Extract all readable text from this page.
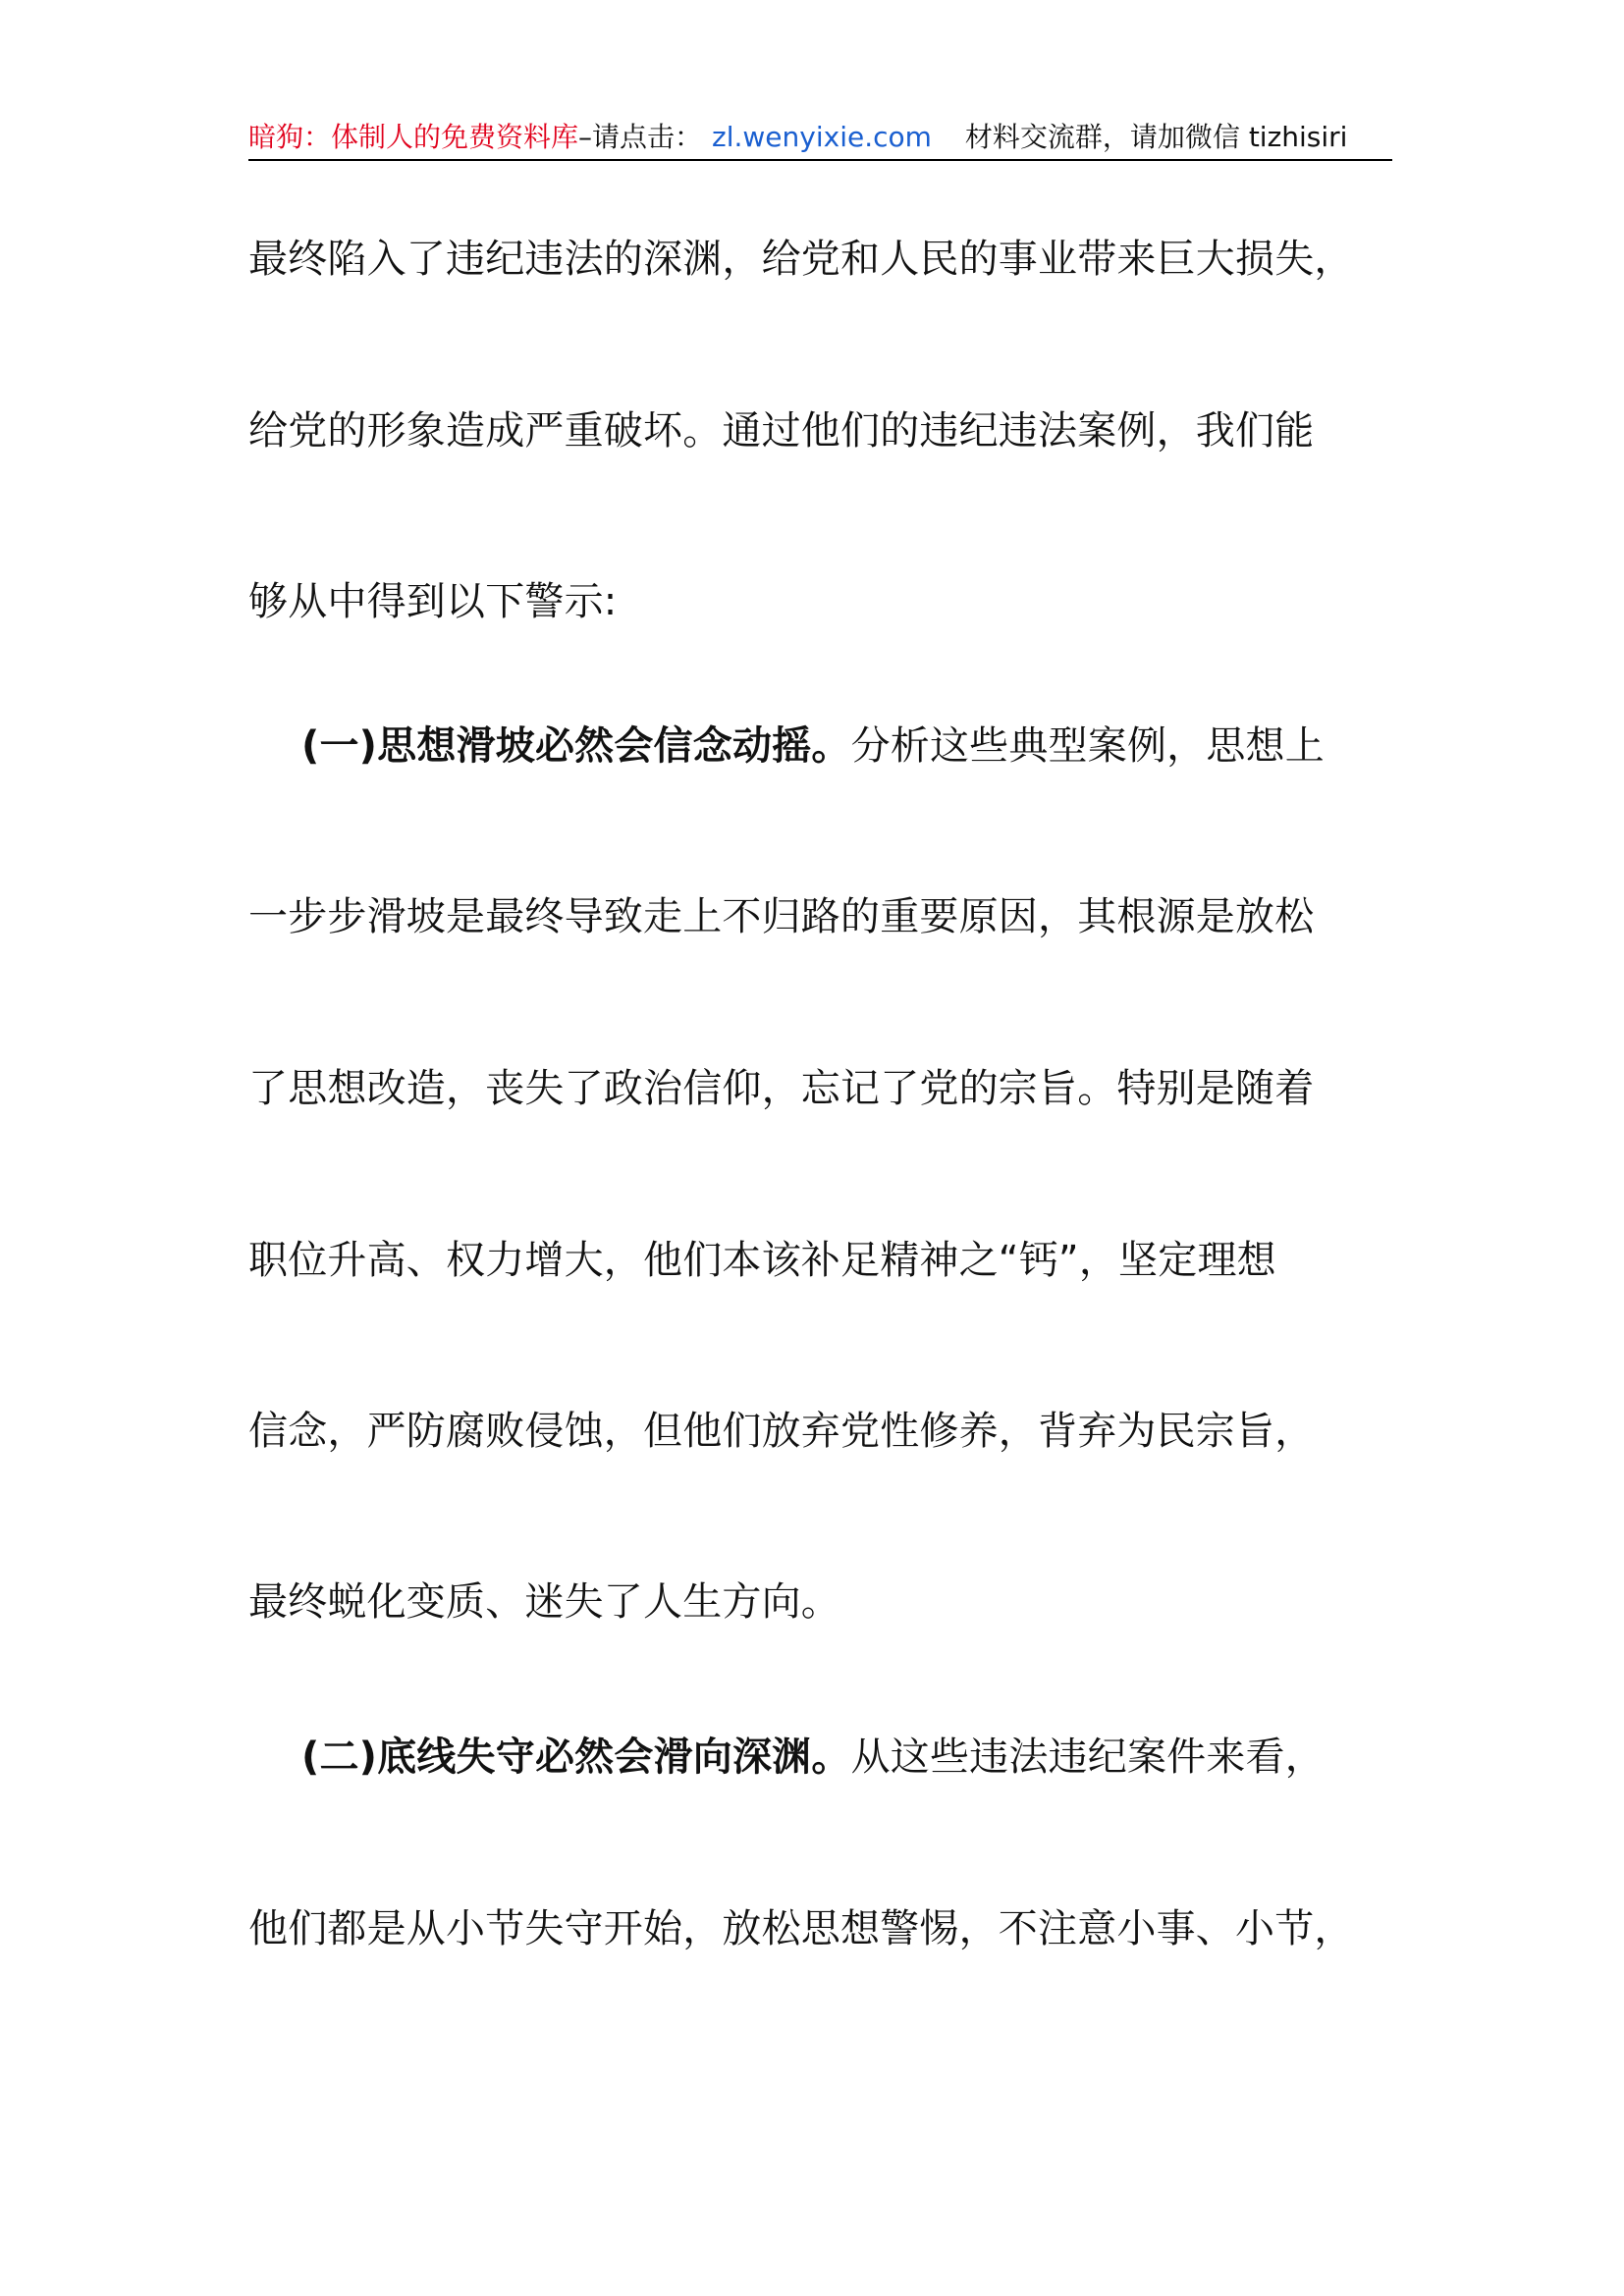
暗狗：体制人的免费资料库–请点击： zl.wenyixie.com 材料交流群，请加微信 tizhisiri
最终陷入了违纪违法的深渊，给党和人民的事业带来巨大损失，
给党的形象造成严重破坏。通过他们的违纪违法案例，我们能
够从中得到以下警示:
(一)思想滑坡必然会信念动摇。分析这些典型案例，思想上
一步步滑坡是最终导致走上不归路的重要原因，其根源是放松
了思想改造，丧失了政治信仰，忘记了党的宗旨。特别是随着
职位升高、权力增大，他们本该补足精神之“钙”，坚定理想
信念，严防腐败侵蚀，但他们放弃党性修养，背弃为民宗旨，
最终蜕化变质、迷失了人生方向。
(二)底线失守必然会滑向深渊。从这些违法违纪案件来看，
他们都是从小节失守开始，放松思想警惕，不注意小事、小节，
